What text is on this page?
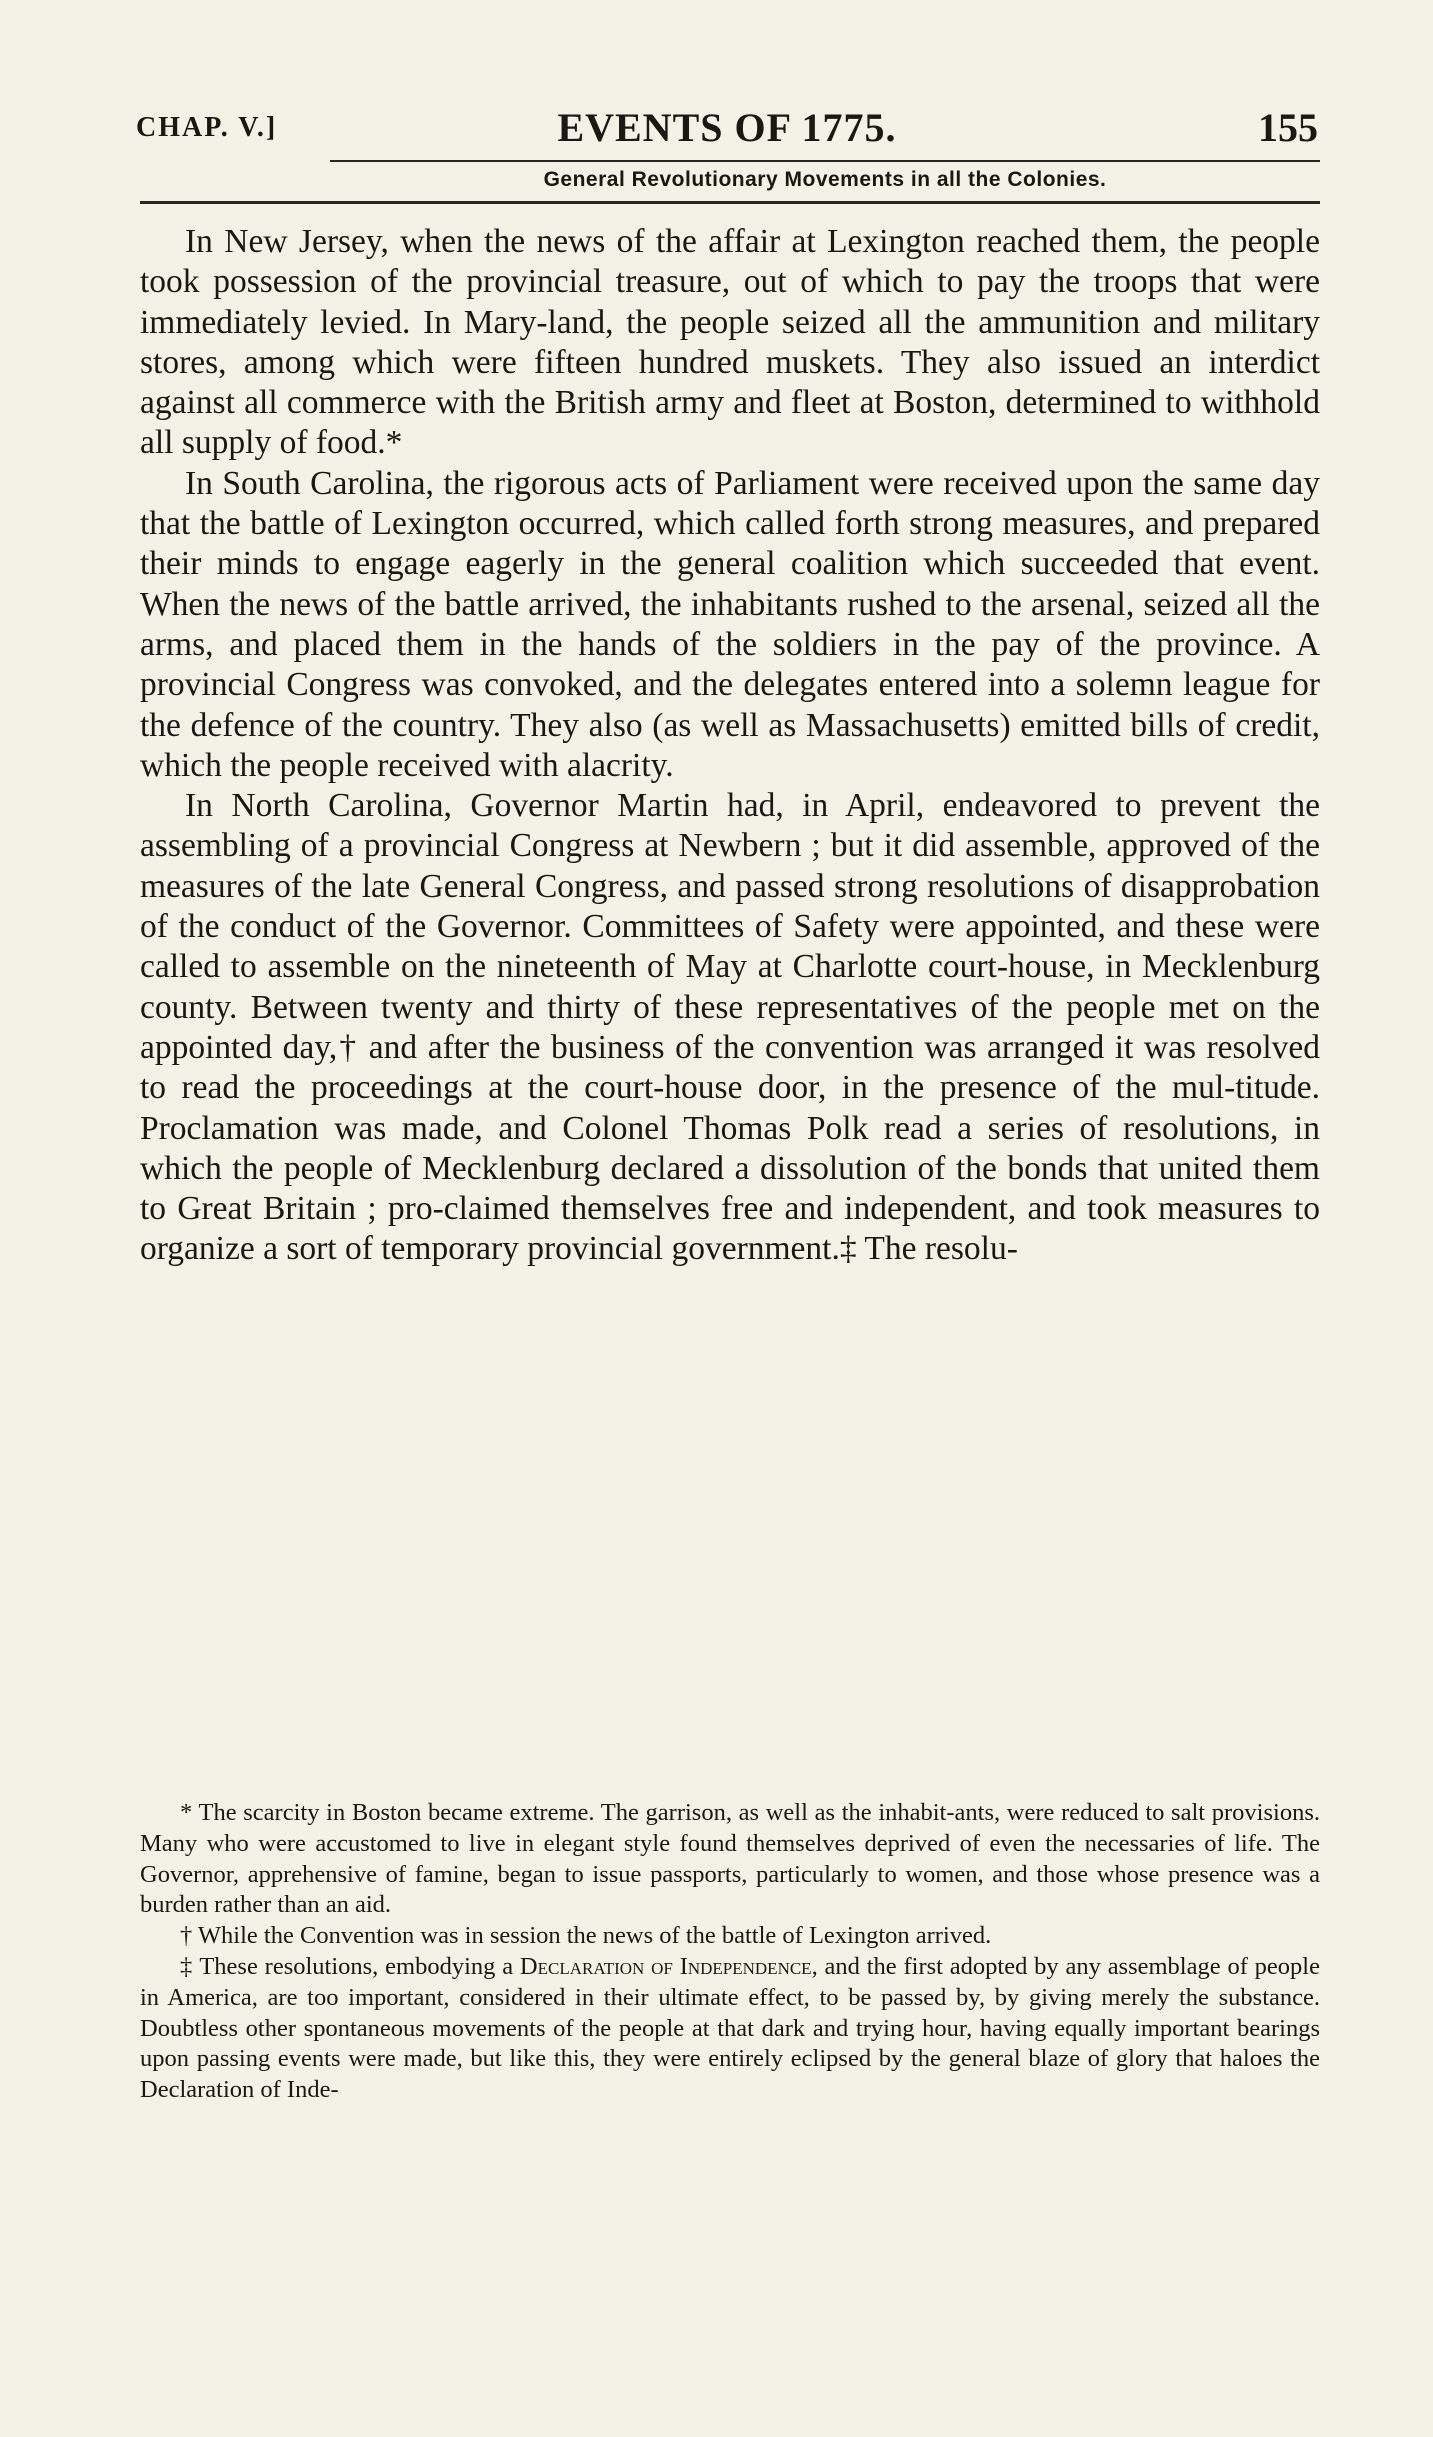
CHAP. V.]	EVENTS OF 1775.	155
General Revolutionary Movements in all the Colonies.

In New Jersey, when the news of the affair at Lexington reached them, the people took possession of the provincial treasure, out of which to pay the troops that were immediately levied. In Mary-land, the people seized all the ammunition and military stores, among which were fifteen hundred muskets. They also issued an interdict against all commerce with the British army and fleet at Boston, determined to withhold all supply of food.*

In South Carolina, the rigorous acts of Parliament were received upon the same day that the battle of Lexington occurred, which called forth strong measures, and prepared their minds to engage eagerly in the general coalition which succeeded that event. When the news of the battle arrived, the inhabitants rushed to the arsenal, seized all the arms, and placed them in the hands of the soldiers in the pay of the province. A provincial Congress was convoked, and the delegates entered into a solemn league for the defence of the country. They also (as well as Massachusetts) emitted bills of credit, which the people received with alacrity.

In North Carolina, Governor Martin had, in April, endeavored to prevent the assembling of a provincial Congress at Newbern ; but it did assemble, approved of the measures of the late General Congress, and passed strong resolutions of disapprobation of the conduct of the Governor. Committees of Safety were appointed, and these were called to assemble on the nineteenth of May at Charlotte court-house, in Mecklenburg county. Between twenty and thirty of these representatives of the people met on the appointed day,† and after the business of the convention was arranged it was resolved to read the proceedings at the court-house door, in the presence of the mul-titude. Proclamation was made, and Colonel Thomas Polk read a series of resolutions, in which the people of Mecklenburg declared a dissolution of the bonds that united them to Great Britain ; pro-claimed themselves free and independent, and took measures to organize a sort of temporary provincial government.‡ The resolu-

* The scarcity in Boston became extreme. The garrison, as well as the inhabit-ants, were reduced to salt provisions. Many who were accustomed to live in elegant style found themselves deprived of even the necessaries of life. The Governor, apprehensive of famine, began to issue passports, particularly to women, and those whose presence was a burden rather than an aid.

† While the Convention was in session the news of the battle of Lexington arrived.

‡ These resolutions, embodying a Declaration of Independence, and the first adopted by any assemblage of people in America, are too important, considered in their ultimate effect, to be passed by, by giving merely the substance. Doubtless other spontaneous movements of the people at that dark and trying hour, having equally important bearings upon passing events were made, but like this, they were entirely eclipsed by the general blaze of glory that haloes the Declaration of Inde-
